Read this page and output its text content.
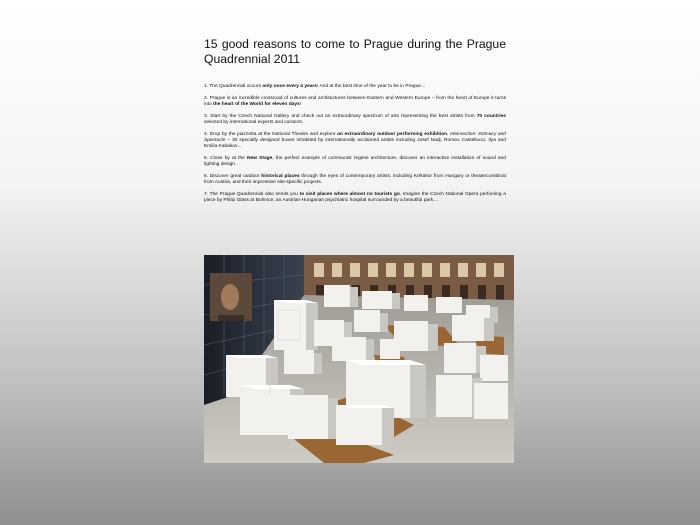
15 good reasons to come to Prague during the Prague Quadrennial 2011

1. The Quadrennial occurs only once every 4 years! And at the best time of the year to be in Prague…

2. Prague is an incredible crossroad of cultures and architectures between Eastern and Western Europe – from the heart of Europe it turns into the heart of the World for eleven days!

3. Start by the Czech National Gallery and check out an extraordinary spectrum of arts representing the best artists from 70 countries selected by international experts and curators.

4. Drop by the piazzetta at the National Theatre and explore an extraordinary outdoor performing exhibition, Intersection: Intimacy and Spectacle – 30 specially designed boxes inhabited by internationally acclaimed artists including Josef Nadj, Romeo Castellucci, Ilya and Emilia Kabakov…

5. Close by at the New Stage, the perfect example of communist regime architecture, discover an interactive installation of sound and lighting design.

6. Discover great outdoor historical places through the eyes of contemporary artists, including Krétakör from Hungary or theatercombinat from Austria, and their impressive site-specific projects.

7. The Prague Quadrennial also sends you to visit places where almost no tourists go. Imagine the Czech National Opera perfoming a piece by Philip Glass at Bohnice, an Austrian-Hungarian psychiatric hospital surrounded by a beautiful park…
